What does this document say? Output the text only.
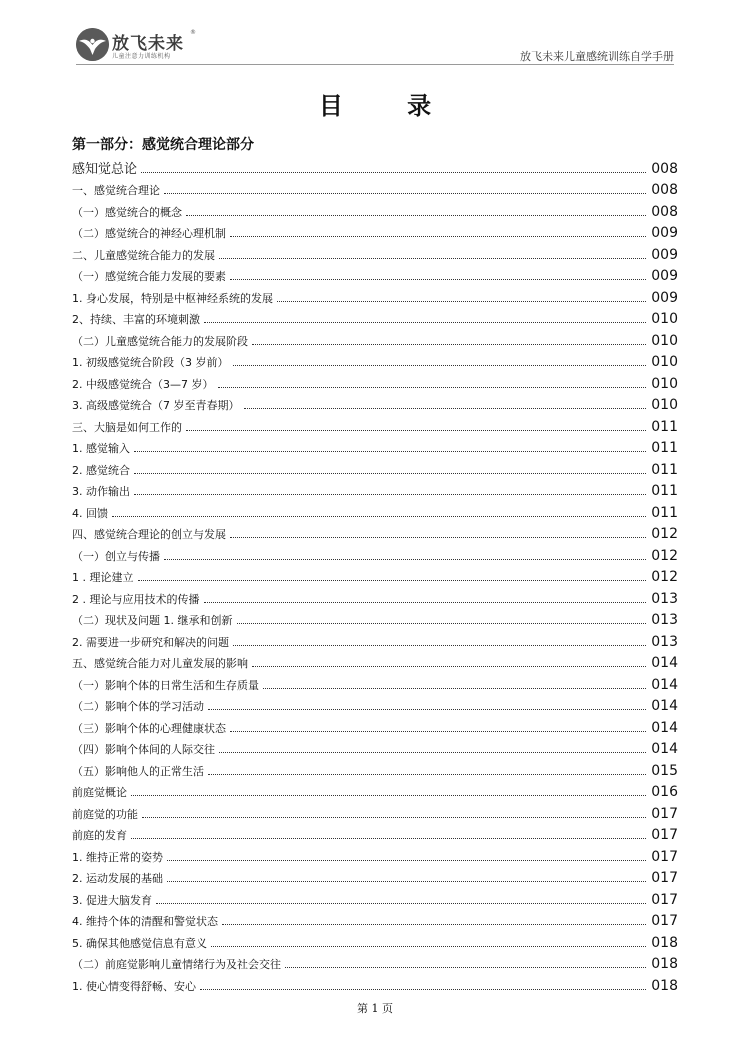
放飞未来
®
儿童注意力训练机构	放飞未来儿童感统训练自学手册
目 录
第一部分：感觉统合理论部分
感知觉总论	008
一、感觉统合理论	008
（一）感觉统合的概念	008
（二）感觉统合的神经心理机制	009
二、儿童感觉统合能力的发展	009
（一）感觉统合能力发展的要素	009
1. 身心发展，特别是中枢神经系统的发展	009
2、持续、丰富的环境刺激	010
（二）儿童感觉统合能力的发展阶段	010
1. 初级感觉统合阶段（3 岁前）	010
2. 中级感觉统合（3—7 岁）	010
3. 高级感觉统合（7 岁至青春期）	010
三、大脑是如何工作的	011
1. 感觉输入	011
2. 感觉统合	011
3. 动作输出	011
4. 回馈	011
四、感觉统合理论的创立与发展	012
（一）创立与传播	012
1 . 理论建立	012
2 . 理论与应用技术的传播	013
（二）现状及问题 1. 继承和创新	013
2. 需要进一步研究和解决的问题	013
五、感觉统合能力对儿童发展的影响	014
（一）影响个体的日常生活和生存质量	014
（二）影响个体的学习活动	014
（三）影响个体的心理健康状态	014
（四）影响个体间的人际交往	014
（五）影响他人的正常生活	015
前庭觉概论	016
前庭觉的功能	017
前庭的发育	017
1. 维持正常的姿势	017
2. 运动发展的基础	017
3. 促进大脑发育	017
4. 维持个体的清醒和警觉状态	017
5. 确保其他感觉信息有意义	018
（二）前庭觉影响儿童情绪行为及社会交往	018
1. 使心情变得舒畅、安心	018
第 1 页
